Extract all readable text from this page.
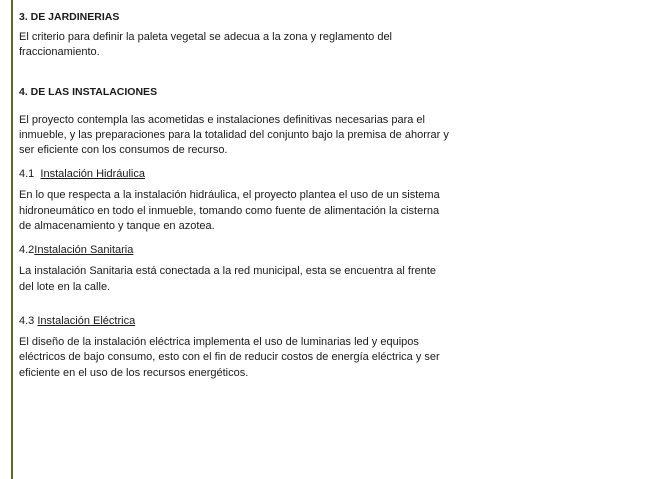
3. DE JARDINERIAS

El criterio para definir la paleta vegetal se adecua a la zona y reglamento del fraccionamiento.

4. DE LAS INSTALACIONES

El proyecto contempla las acometidas e instalaciones definitivas necesarias para el inmueble, y las preparaciones para la totalidad del conjunto bajo la premisa de ahorrar y ser eficiente con los consumos de recurso.

4.1 Instalación Hidráulica

En lo que respecta a la instalación hidráulica, el proyecto plantea el uso de un sistema hidroneumático en todo el inmueble, tomando como fuente de alimentación la cisterna de almacenamiento y tanque en azotea.

4.2Instalación Sanitaria

La instalación Sanitaria está conectada a la red municipal, esta se encuentra al frente del lote en la calle.

4.3 Instalación Eléctrica

El diseño de la instalación eléctrica implementa el uso de luminarias led y equipos eléctricos de bajo consumo, esto con el fin de reducir costos de energía eléctrica y ser eficiente en el uso de los recursos energéticos.
